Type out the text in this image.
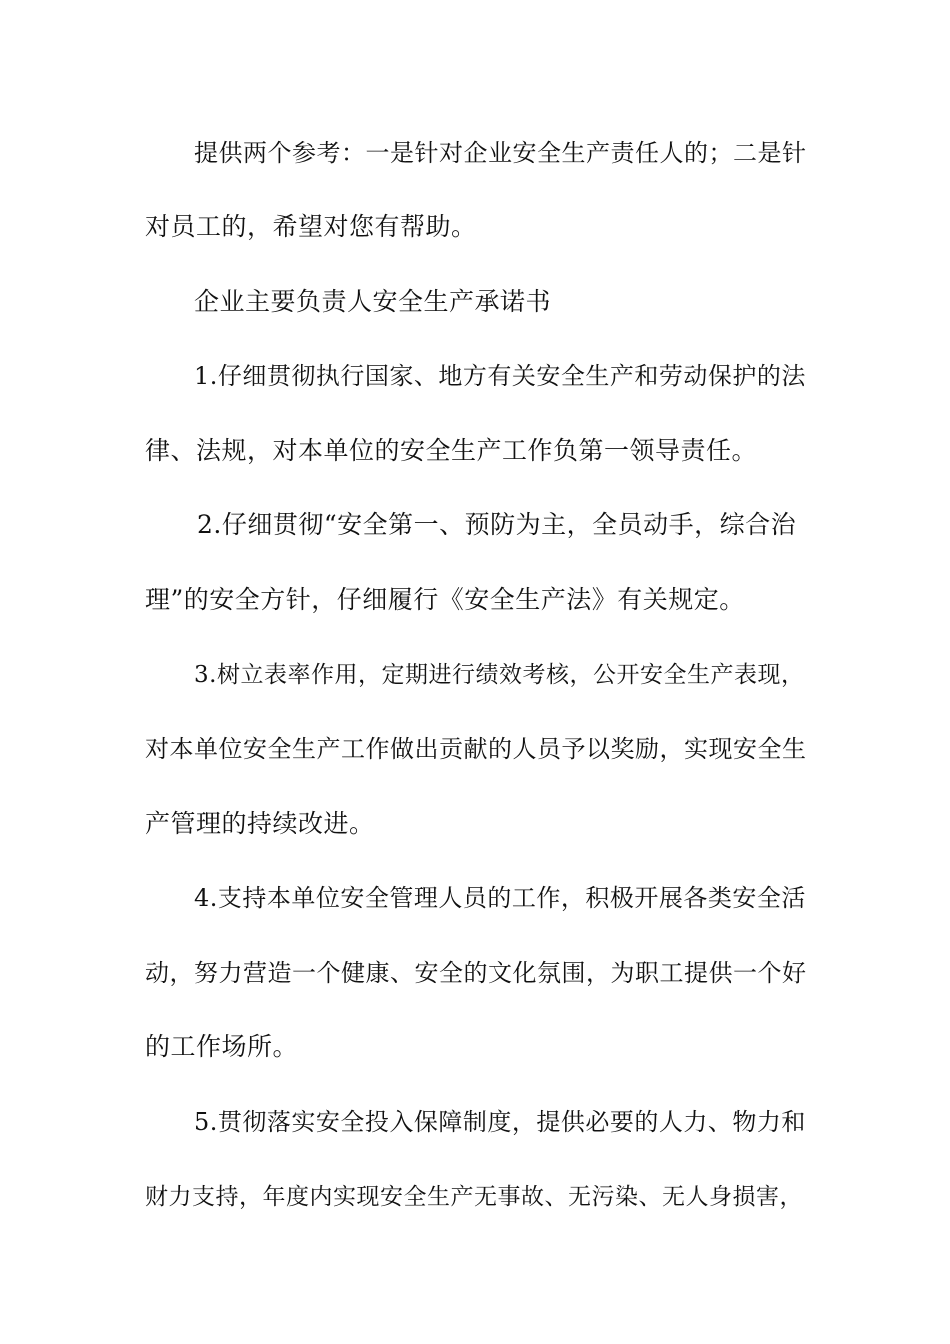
提供两个参考：一是针对企业安全生产责任人的；二是针
对员工的，希望对您有帮助。
企业主要负责人安全生产承诺书
1.仔细贯彻执行国家、地方有关安全生产和劳动保护的法
律、法规，对本单位的安全生产工作负第一领导责任。
2.仔细贯彻“安全第一、预防为主，全员动手，综合治
理”的安全方针，仔细履行《安全生产法》有关规定。
3.树立表率作用，定期进行绩效考核，公开安全生产表现，
对本单位安全生产工作做出贡献的人员予以奖励，实现安全生
产管理的持续改进。
4.支持本单位安全管理人员的工作，积极开展各类安全活
动，努力营造一个健康、安全的文化氛围，为职工提供一个好
的工作场所。
5.贯彻落实安全投入保障制度，提供必要的人力、物力和
财力支持，年度内实现安全生产无事故、无污染、无人身损害，
